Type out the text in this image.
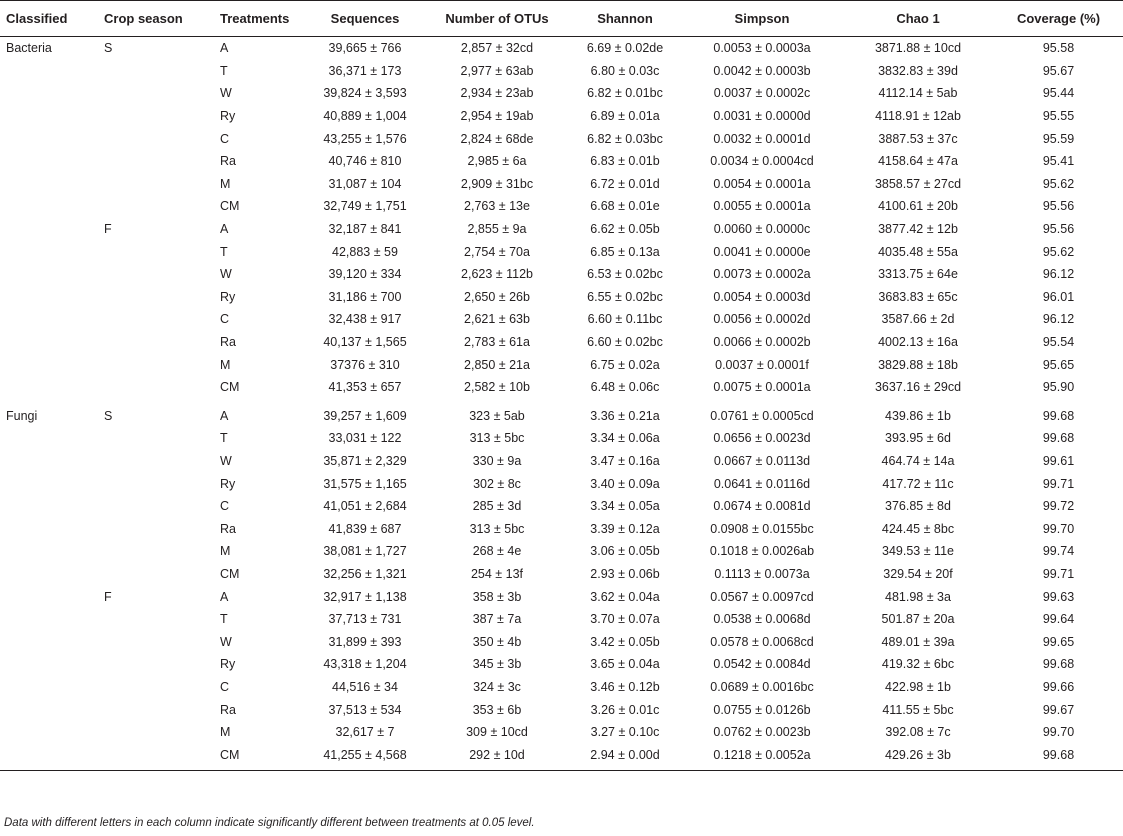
Classified	Crop season	Treatments	Sequences	Number of OTUs	Shannon	Simpson	Chao 1	Coverage (%)
Bacteria	S	A	39,665 ± 766	2,857 ± 32cd	6.69 ± 0.02de	0.0053 ± 0.0003a	3871.88 ± 10cd	95.58
		T	36,371 ± 173	2,977 ± 63ab	6.80 ± 0.03c	0.0042 ± 0.0003b	3832.83 ± 39d	95.67
		W	39,824 ± 3,593	2,934 ± 23ab	6.82 ± 0.01bc	0.0037 ± 0.0002c	4112.14 ± 5ab	95.44
		Ry	40,889 ± 1,004	2,954 ± 19ab	6.89 ± 0.01a	0.0031 ± 0.0000d	4118.91 ± 12ab	95.55
		C	43,255 ± 1,576	2,824 ± 68de	6.82 ± 0.03bc	0.0032 ± 0.0001d	3887.53 ± 37c	95.59
		Ra	40,746 ± 810	2,985 ± 6a	6.83 ± 0.01b	0.0034 ± 0.0004cd	4158.64 ± 47a	95.41
		M	31,087 ± 104	2,909 ± 31bc	6.72 ± 0.01d	0.0054 ± 0.0001a	3858.57 ± 27cd	95.62
		CM	32,749 ± 1,751	2,763 ± 13e	6.68 ± 0.01e	0.0055 ± 0.0001a	4100.61 ± 20b	95.56
	F	A	32,187 ± 841	2,855 ± 9a	6.62 ± 0.05b	0.0060 ± 0.0000c	3877.42 ± 12b	95.56
		T	42,883 ± 59	2,754 ± 70a	6.85 ± 0.13a	0.0041 ± 0.0000e	4035.48 ± 55a	95.62
		W	39,120 ± 334	2,623 ± 112b	6.53 ± 0.02bc	0.0073 ± 0.0002a	3313.75 ± 64e	96.12
		Ry	31,186 ± 700	2,650 ± 26b	6.55 ± 0.02bc	0.0054 ± 0.0003d	3683.83 ± 65c	96.01
		C	32,438 ± 917	2,621 ± 63b	6.60 ± 0.11bc	0.0056 ± 0.0002d	3587.66 ± 2d	96.12
		Ra	40,137 ± 1,565	2,783 ± 61a	6.60 ± 0.02bc	0.0066 ± 0.0002b	4002.13 ± 16a	95.54
		M	37376 ± 310	2,850 ± 21a	6.75 ± 0.02a	0.0037 ± 0.0001f	3829.88 ± 18b	95.65
		CM	41,353 ± 657	2,582 ± 10b	6.48 ± 0.06c	0.0075 ± 0.0001a	3637.16 ± 29cd	95.90
Fungi	S	A	39,257 ± 1,609	323 ± 5ab	3.36 ± 0.21a	0.0761 ± 0.0005cd	439.86 ± 1b	99.68
		T	33,031 ± 122	313 ± 5bc	3.34 ± 0.06a	0.0656 ± 0.0023d	393.95 ± 6d	99.68
		W	35,871 ± 2,329	330 ± 9a	3.47 ± 0.16a	0.0667 ± 0.0113d	464.74 ± 14a	99.61
		Ry	31,575 ± 1,165	302 ± 8c	3.40 ± 0.09a	0.0641 ± 0.0116d	417.72 ± 11c	99.71
		C	41,051 ± 2,684	285 ± 3d	3.34 ± 0.05a	0.0674 ± 0.0081d	376.85 ± 8d	99.72
		Ra	41,839 ± 687	313 ± 5bc	3.39 ± 0.12a	0.0908 ± 0.0155bc	424.45 ± 8bc	99.70
		M	38,081 ± 1,727	268 ± 4e	3.06 ± 0.05b	0.1018 ± 0.0026ab	349.53 ± 11e	99.74
		CM	32,256 ± 1,321	254 ± 13f	2.93 ± 0.06b	0.1113 ± 0.0073a	329.54 ± 20f	99.71
	F	A	32,917 ± 1,138	358 ± 3b	3.62 ± 0.04a	0.0567 ± 0.0097cd	481.98 ± 3a	99.63
		T	37,713 ± 731	387 ± 7a	3.70 ± 0.07a	0.0538 ± 0.0068d	501.87 ± 20a	99.64
		W	31,899 ± 393	350 ± 4b	3.42 ± 0.05b	0.0578 ± 0.0068cd	489.01 ± 39a	99.65
		Ry	43,318 ± 1,204	345 ± 3b	3.65 ± 0.04a	0.0542 ± 0.0084d	419.32 ± 6bc	99.68
		C	44,516 ± 34	324 ± 3c	3.46 ± 0.12b	0.0689 ± 0.0016bc	422.98 ± 1b	99.66
		Ra	37,513 ± 534	353 ± 6b	3.26 ± 0.01c	0.0755 ± 0.0126b	411.55 ± 5bc	99.67
		M	32,617 ± 7	309 ± 10cd	3.27 ± 0.10c	0.0762 ± 0.0023b	392.08 ± 7c	99.70
		CM	41,255 ± 4,568	292 ± 10d	2.94 ± 0.00d	0.1218 ± 0.0052a	429.26 ± 3b	99.68
Data with different letters in each column indicate significantly different between treatments at 0.05 level.
